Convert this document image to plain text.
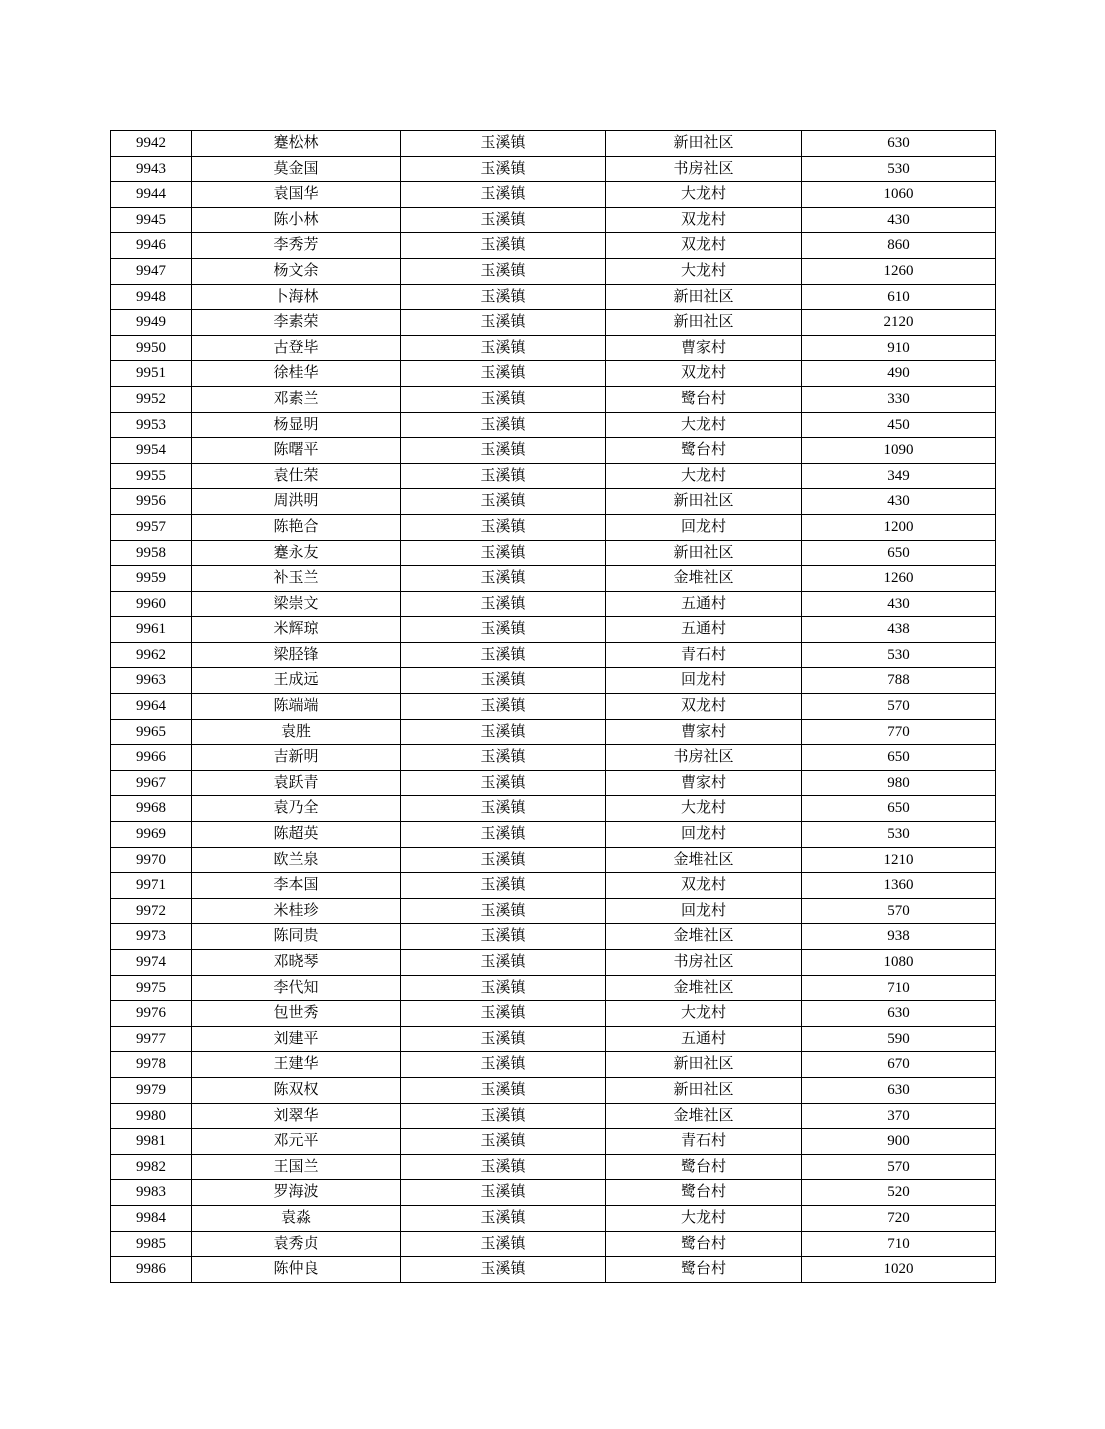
9942	蹇松林	玉溪镇	新田社区	630
9943	莫金国	玉溪镇	书房社区	530
9944	袁国华	玉溪镇	大龙村	1060
9945	陈小林	玉溪镇	双龙村	430
9946	李秀芳	玉溪镇	双龙村	860
9947	杨文余	玉溪镇	大龙村	1260
9948	卜海林	玉溪镇	新田社区	610
9949	李素荣	玉溪镇	新田社区	2120
9950	古登毕	玉溪镇	曹家村	910
9951	徐桂华	玉溪镇	双龙村	490
9952	邓素兰	玉溪镇	鹭台村	330
9953	杨显明	玉溪镇	大龙村	450
9954	陈曙平	玉溪镇	鹭台村	1090
9955	袁仕荣	玉溪镇	大龙村	349
9956	周洪明	玉溪镇	新田社区	430
9957	陈艳合	玉溪镇	回龙村	1200
9958	蹇永友	玉溪镇	新田社区	650
9959	补玉兰	玉溪镇	金堆社区	1260
9960	梁崇文	玉溪镇	五通村	430
9961	米辉琼	玉溪镇	五通村	438
9962	梁胫锋	玉溪镇	青石村	530
9963	王成远	玉溪镇	回龙村	788
9964	陈端端	玉溪镇	双龙村	570
9965	袁胜	玉溪镇	曹家村	770
9966	吉新明	玉溪镇	书房社区	650
9967	袁跃青	玉溪镇	曹家村	980
9968	袁乃全	玉溪镇	大龙村	650
9969	陈超英	玉溪镇	回龙村	530
9970	欧兰泉	玉溪镇	金堆社区	1210
9971	李本国	玉溪镇	双龙村	1360
9972	米桂珍	玉溪镇	回龙村	570
9973	陈同贵	玉溪镇	金堆社区	938
9974	邓晓琴	玉溪镇	书房社区	1080
9975	李代知	玉溪镇	金堆社区	710
9976	包世秀	玉溪镇	大龙村	630
9977	刘建平	玉溪镇	五通村	590
9978	王建华	玉溪镇	新田社区	670
9979	陈双权	玉溪镇	新田社区	630
9980	刘翠华	玉溪镇	金堆社区	370
9981	邓元平	玉溪镇	青石村	900
9982	王国兰	玉溪镇	鹭台村	570
9983	罗海波	玉溪镇	鹭台村	520
9984	袁淼	玉溪镇	大龙村	720
9985	袁秀贞	玉溪镇	鹭台村	710
9986	陈仲良	玉溪镇	鹭台村	1020
